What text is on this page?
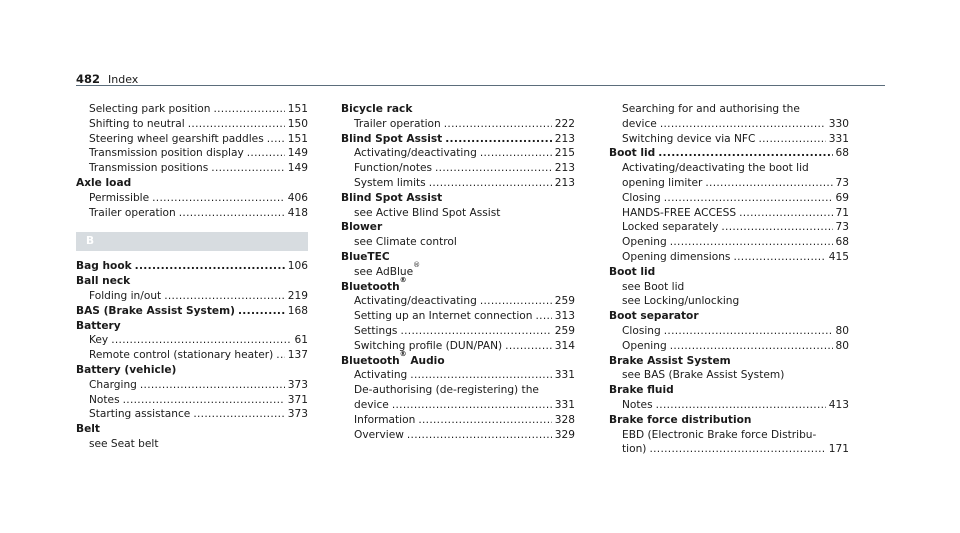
482 Index
Selecting park position .....	151
Shifting to neutral .....	150
Steering wheel gearshift paddles ..... 151
Transmission position display .....	149
Transmission positions .....	149
Axle load
Permissible .....	406
Trailer operation .....	418
B
Bag hook .....	106
Ball neck
Folding in/out .....	219
BAS (Brake Assist System) .....	168
Battery
Key .....	61
Remote control (stationary heater) ..... 137
Battery (vehicle)
Charging .....	373
Notes .....	371
Starting assistance .....	373
Belt
see Seat belt
Bicycle rack
Trailer operation .....	222
Blind Spot Assist .....	213
Activating/deactivating .....	215
Function/notes .....	213
System limits .....	213
Blind Spot Assist
see Active Blind Spot Assist
Blower
see Climate control
BlueTEC
see AdBlue
®
Bluetooth
®
Activating/deactivating .....	259
Setting up an Internet connection ..... 313
Settings .....	259
Switching profile (DUN/PAN) .....	314
Bluetooth
®
Audio
Activating .....	331
De-authorising (de-registering) the
device .....	331
Information .....	328
Overview .....	329
Searching for and authorising the
device .....	330
Switching device via NFC .....	331
Boot lid .....	68
Activating/deactivating the boot lid
opening limiter .....	73
Closing .....	69
HANDS-FREE ACCESS .....	71
Locked separately .....	73
Opening .....	68
Opening dimensions .....	415
Boot lid
see Boot lid
see Locking/unlocking
Boot separator
Closing .....	80
Opening .....	80
Brake Assist System
see BAS (Brake Assist System)
Brake fluid
Notes .....	413
Brake force distribution
EBD (Electronic Brake force Distribu-
tion) .....	171
